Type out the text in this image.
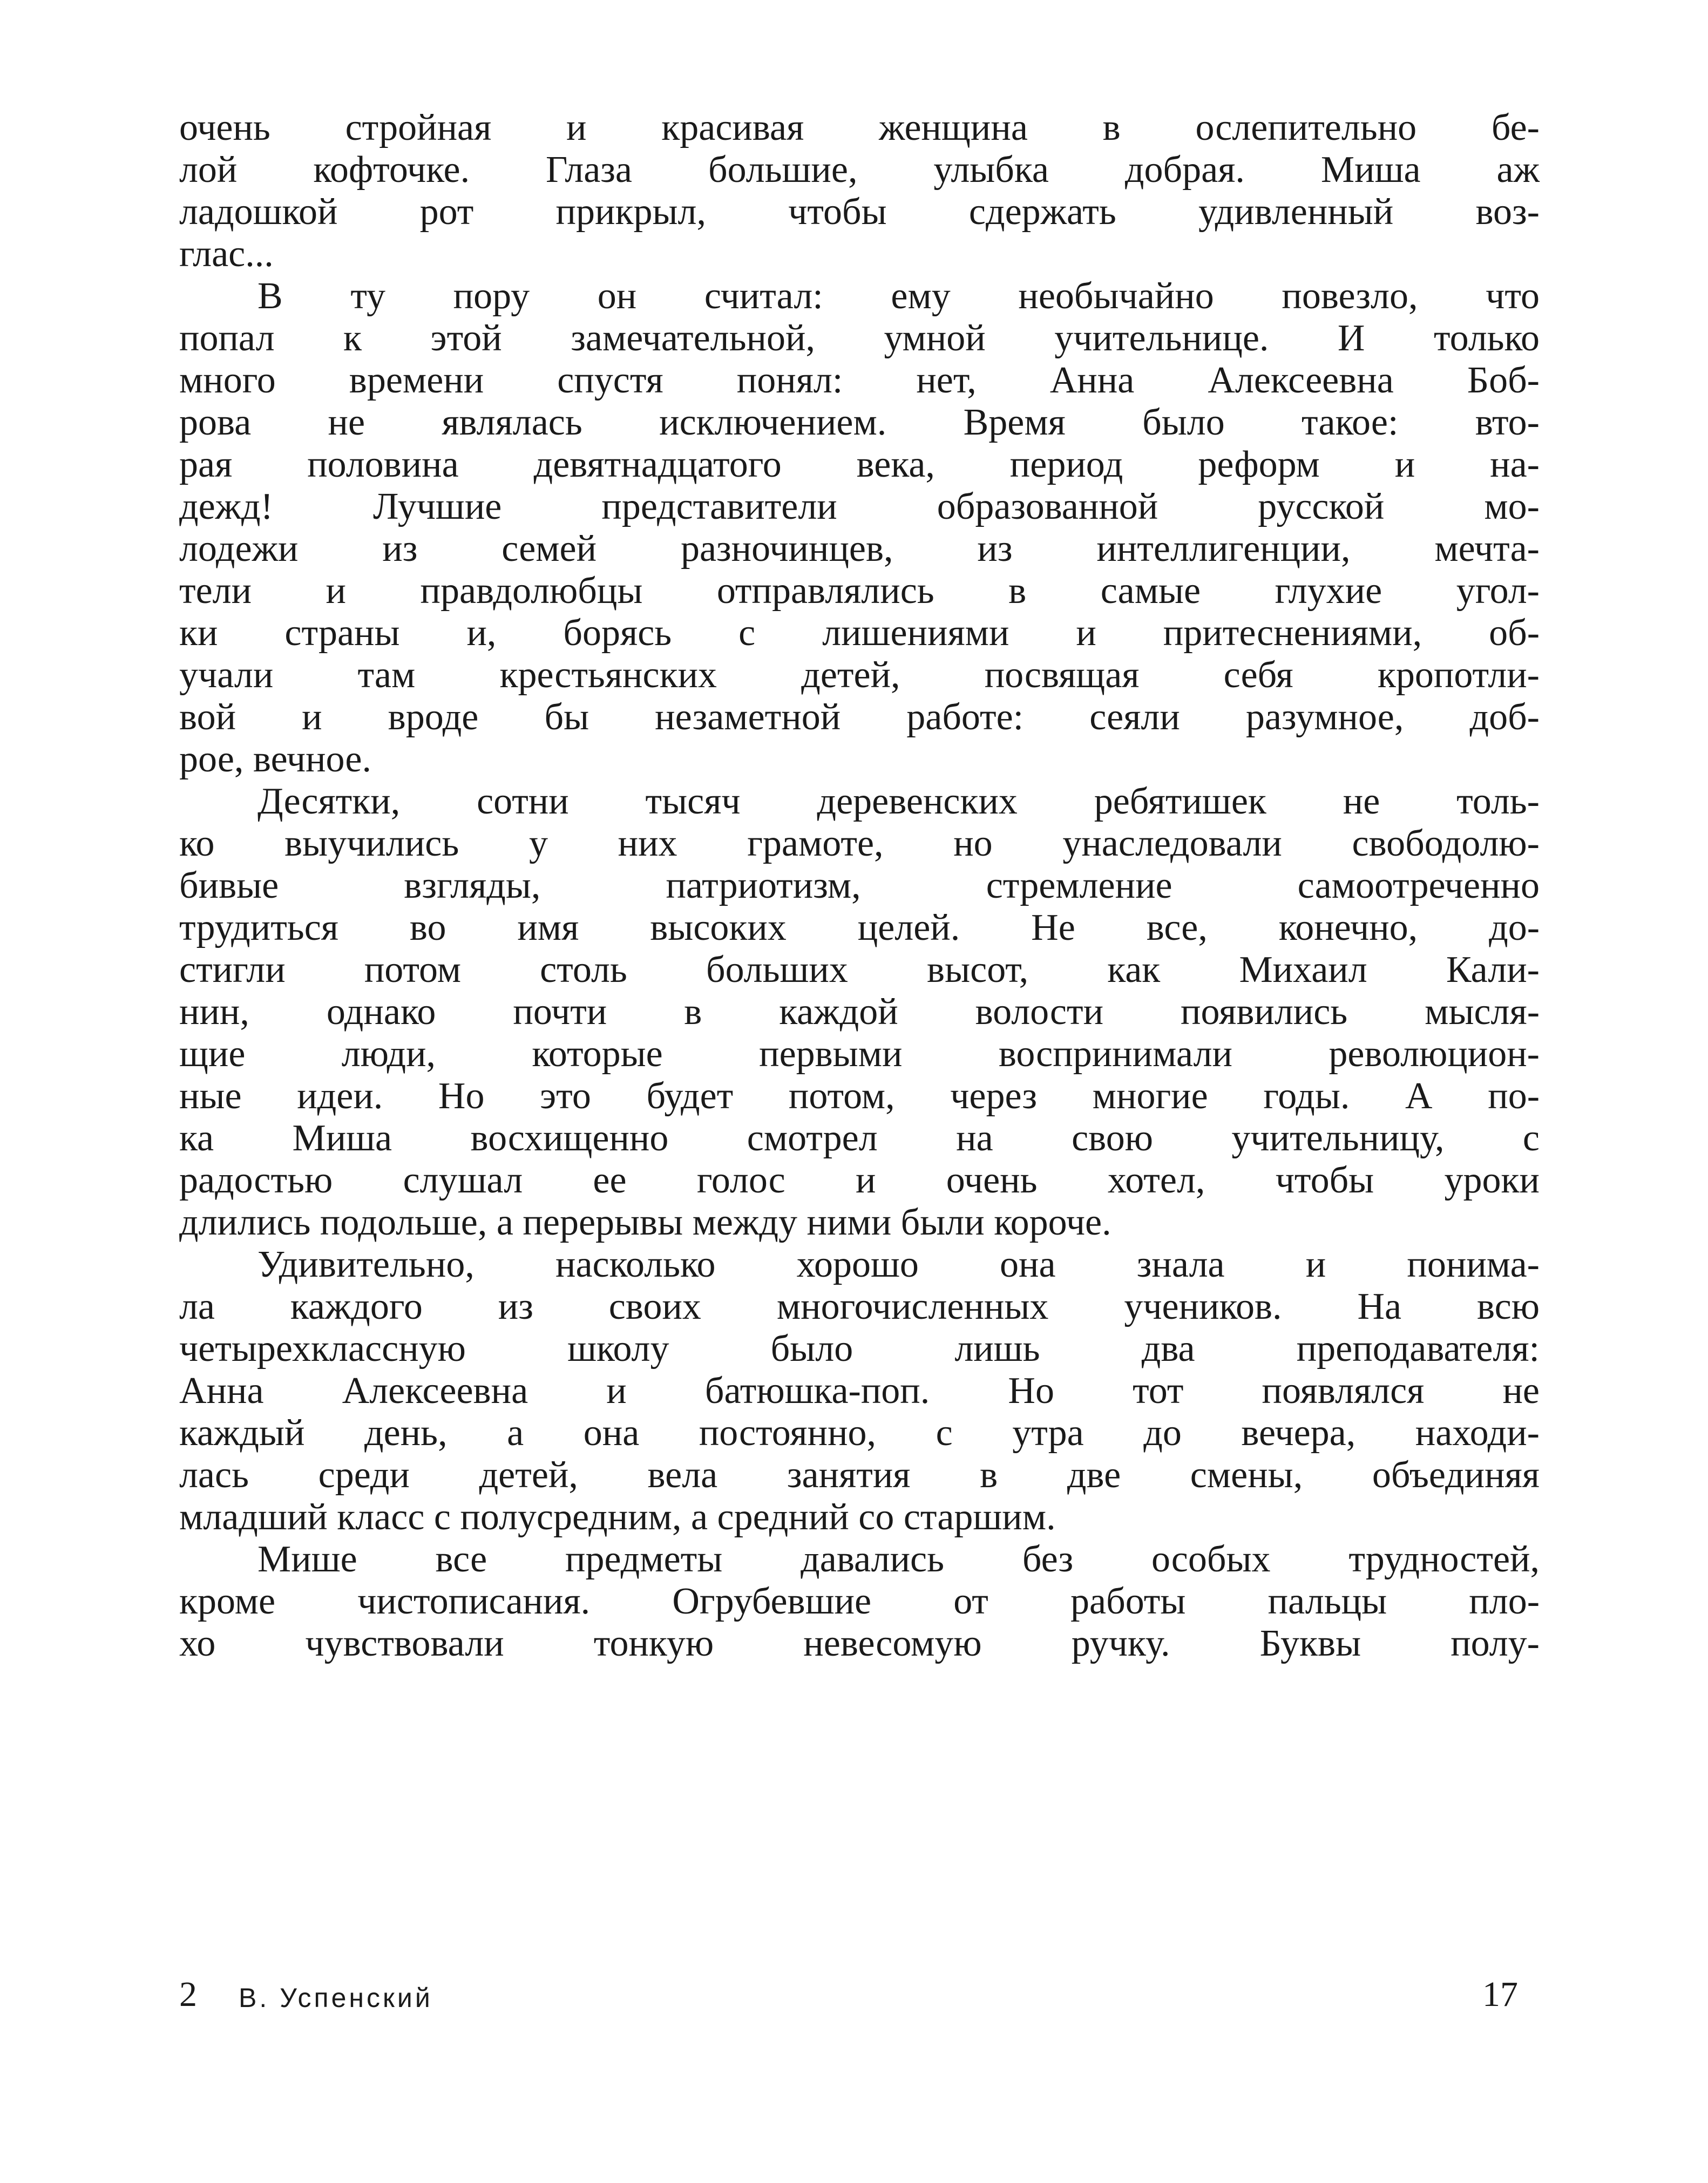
очень стройная и красивая женщина в ослепительно бе-
лой кофточке. Глаза большие, улыбка добрая. Миша аж
ладошкой рот прикрыл, чтобы сдержать удивленный воз-
глас...
В ту пору он считал: ему необычайно повезло, что
попал к этой замечательной, умной учительнице. И только
много времени спустя понял: нет, Анна Алексеевна Боб-
рова не являлась исключением. Время было такое: вто-
рая половина девятнадцатого века, период реформ и на-
дежд! Лучшие представители образованной русской мо-
лодежи из семей разночинцев, из интеллигенции, мечта-
тели и правдолюбцы отправлялись в самые глухие угол-
ки страны и, борясь с лишениями и притеснениями, об-
учали там крестьянских детей, посвящая себя кропотли-
вой и вроде бы незаметной работе: сеяли разумное, доб-
рое, вечное.
Десятки, сотни тысяч деревенских ребятишек не толь-
ко выучились у них грамоте, но унаследовали свободолю-
бивые взгляды, патриотизм, стремление самоотреченно
трудиться во имя высоких целей. Не все, конечно, до-
стигли потом столь больших высот, как Михаил Кали-
нин, однако почти в каждой волости появились мысля-
щие люди, которые первыми воспринимали революцион-
ные идеи. Но это будет потом, через многие годы. А по-
ка Миша восхищенно смотрел на свою учительницу, с
радостью слушал ее голос и очень хотел, чтобы уроки
длились подольше, а перерывы между ними были короче.
Удивительно, насколько хорошо она знала и понима-
ла каждого из своих многочисленных учеников. На всю
четырехклассную школу было лишь два преподавателя:
Анна Алексеевна и батюшка-поп. Но тот появлялся не
каждый день, а она постоянно, с утра до вечера, находи-
лась среди детей, вела занятия в две смены, объединяя
младший класс с полусредним, а средний со старшим.
Мише все предметы давались без особых трудностей,
кроме чистописания. Огрубевшие от работы пальцы пло-
хо чувствовали тонкую невесомую ручку. Буквы полу-
2 В. Успенский	17
